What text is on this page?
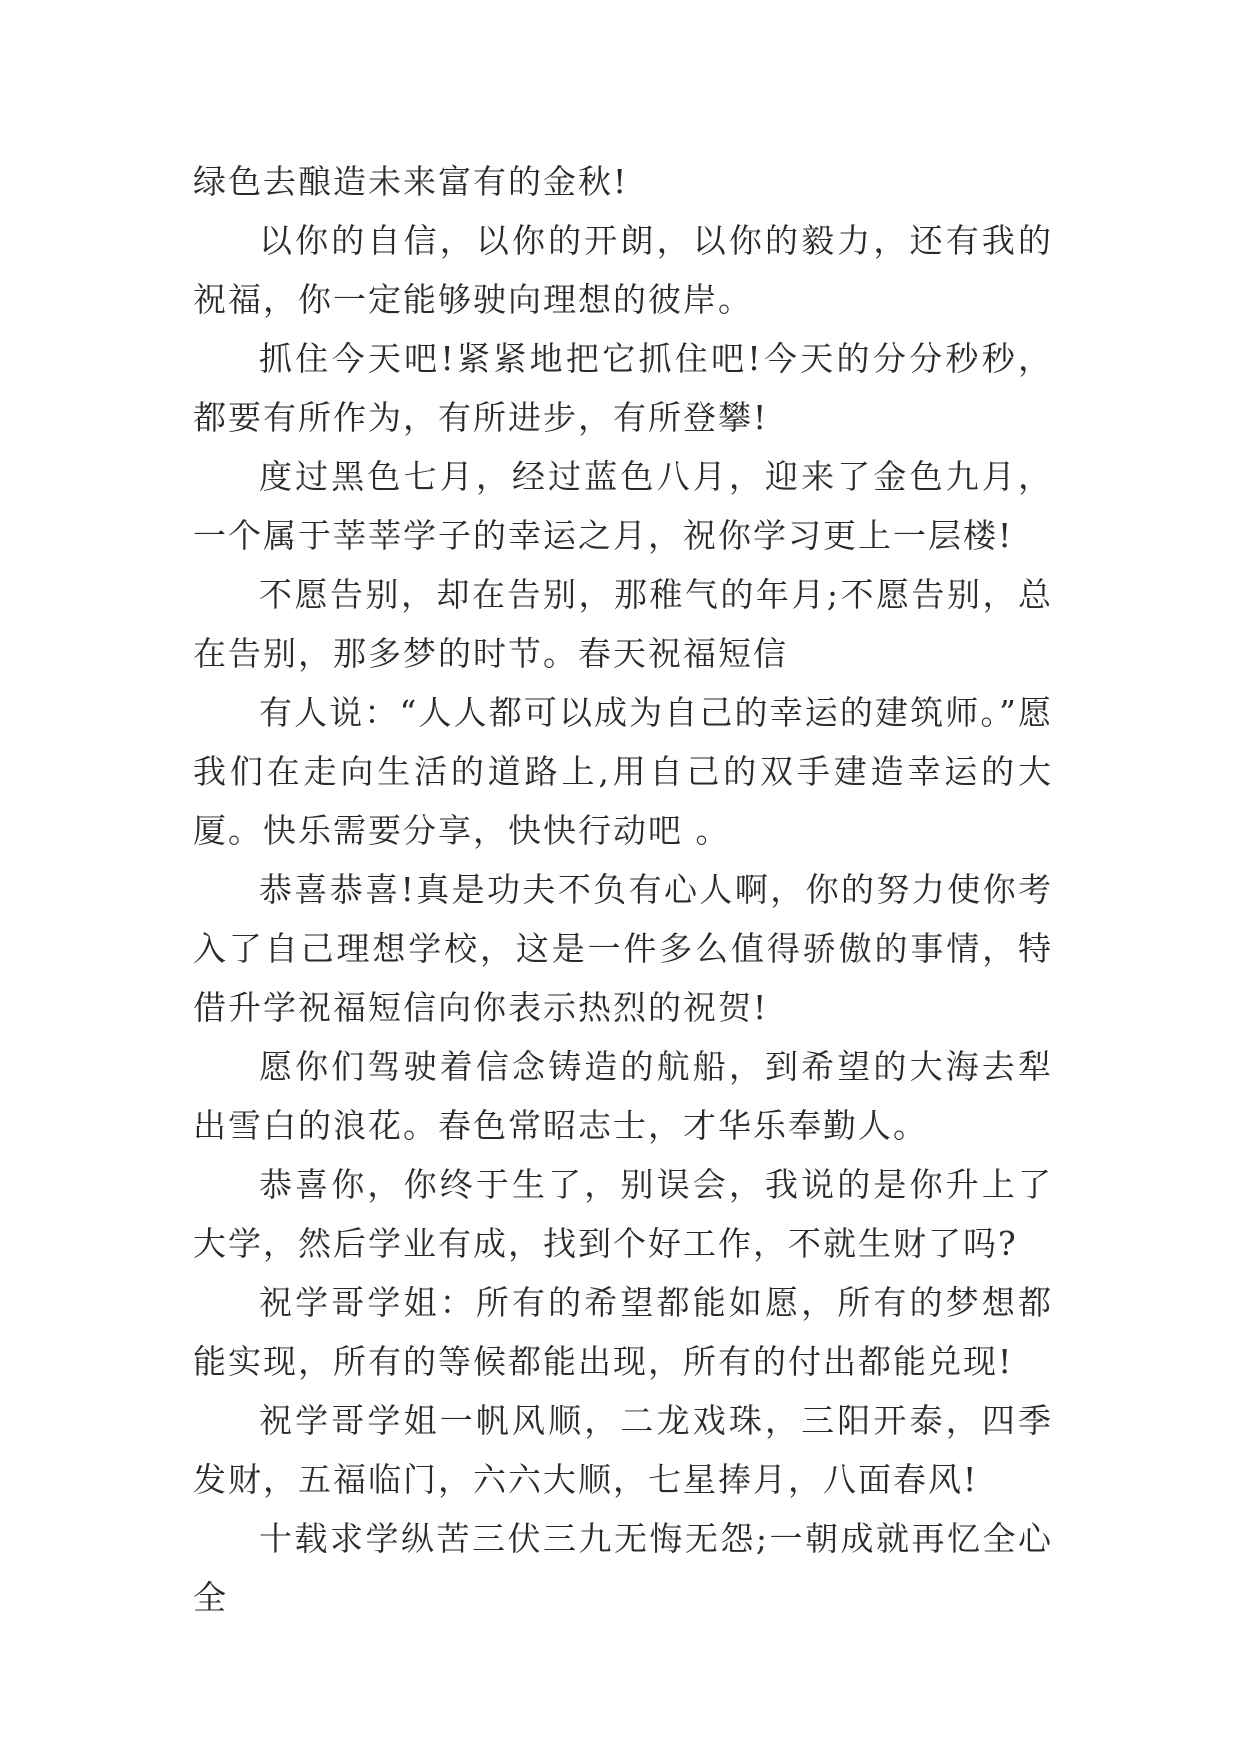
绿色去酿造未来富有的金秋!

以你的自信，以你的开朗，以你的毅力，还有我的祝福，你一定能够驶向理想的彼岸。

抓住今天吧!紧紧地把它抓住吧!今天的分分秒秒，都要有所作为，有所进步，有所登攀!

度过黑色七月，经过蓝色八月，迎来了金色九月，一个属于莘莘学子的幸运之月，祝你学习更上一层楼!

不愿告别，却在告别，那稚气的年月;不愿告别，总在告别，那多梦的时节。春天祝福短信

有人说：“人人都可以成为自己的幸运的建筑师。”愿我们在走向生活的道路上,用自己的双手建造幸运的大厦。快乐需要分享，快快行动吧 。

恭喜恭喜!真是功夫不负有心人啊，你的努力使你考入了自己理想学校，这是一件多么值得骄傲的事情，特借升学祝福短信向你表示热烈的祝贺!

愿你们驾驶着信念铸造的航船，到希望的大海去犁出雪白的浪花。春色常昭志士，才华乐奉勤人。

恭喜你，你终于生了，别误会，我说的是你升上了大学，然后学业有成，找到个好工作，不就生财了吗?

祝学哥学姐：所有的希望都能如愿，所有的梦想都能实现，所有的等候都能出现，所有的付出都能兑现!

祝学哥学姐一帆风顺，二龙戏珠，三阳开泰，四季发财，五福临门，六六大顺，七星捧月，八面春风!

十载求学纵苦三伏三九无悔无怨;一朝成就再忆全心全
